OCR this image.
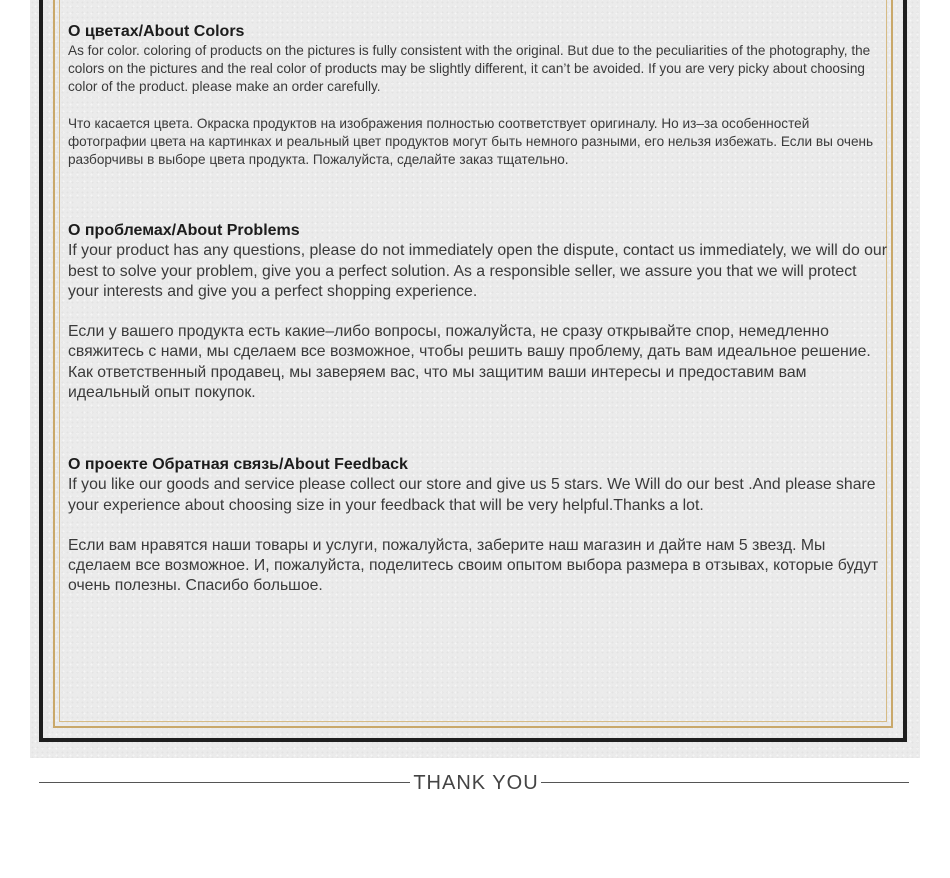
О цветах/About Colors

As for color. coloring of products on the pictures is fully consistent with the original. But due to the peculiarities of the photography, the colors on the pictures and the real color of products may be slightly different, it can’t be avoided. If you are very picky about choosing color of the product. please make an order carefully.

Что касается цвета. Окраска продуктов на изображения полностью соответствует оригиналу. Но из–за особенностей фотографии цвета на картинках и реальный цвет продуктов могут быть немного разными, его нельзя избежать. Если вы очень разборчивы в выборе цвета продукта. Пожалуйста, сделайте заказ тщательно.

О проблемах/About Problems

If your product has any questions, please do not immediately open the dispute, contact us immediately, we will do our best to solve your problem, give you a perfect solution. As a responsible seller, we assure you that we will protect your interests and give you a perfect shopping experience.

Если у вашего продукта есть какие–либо вопросы, пожалуйста, не сразу открывайте спор, немедленно свяжитесь с нами, мы сделаем все возможное, чтобы решить вашу проблему, дать вам идеальное решение. Как ответственный продавец, мы заверяем вас, что мы защитим ваши интересы и предоставим вам идеальный опыт покупок.

О проекте Обратная связь/About Feedback

If you like our goods and service please collect our store and give us 5 stars. We Will do our best .And please share your experience about choosing size in your feedback that will be very helpful.Thanks a lot.

Если вам нравятся наши товары и услуги, пожалуйста, заберите наш магазин и дайте нам 5 звезд. Мы сделаем все возможное. И, пожалуйста, поделитесь своим опытом выбора размера в отзывах, которые будут очень полезны. Спасибо большое.

THANK YOU
